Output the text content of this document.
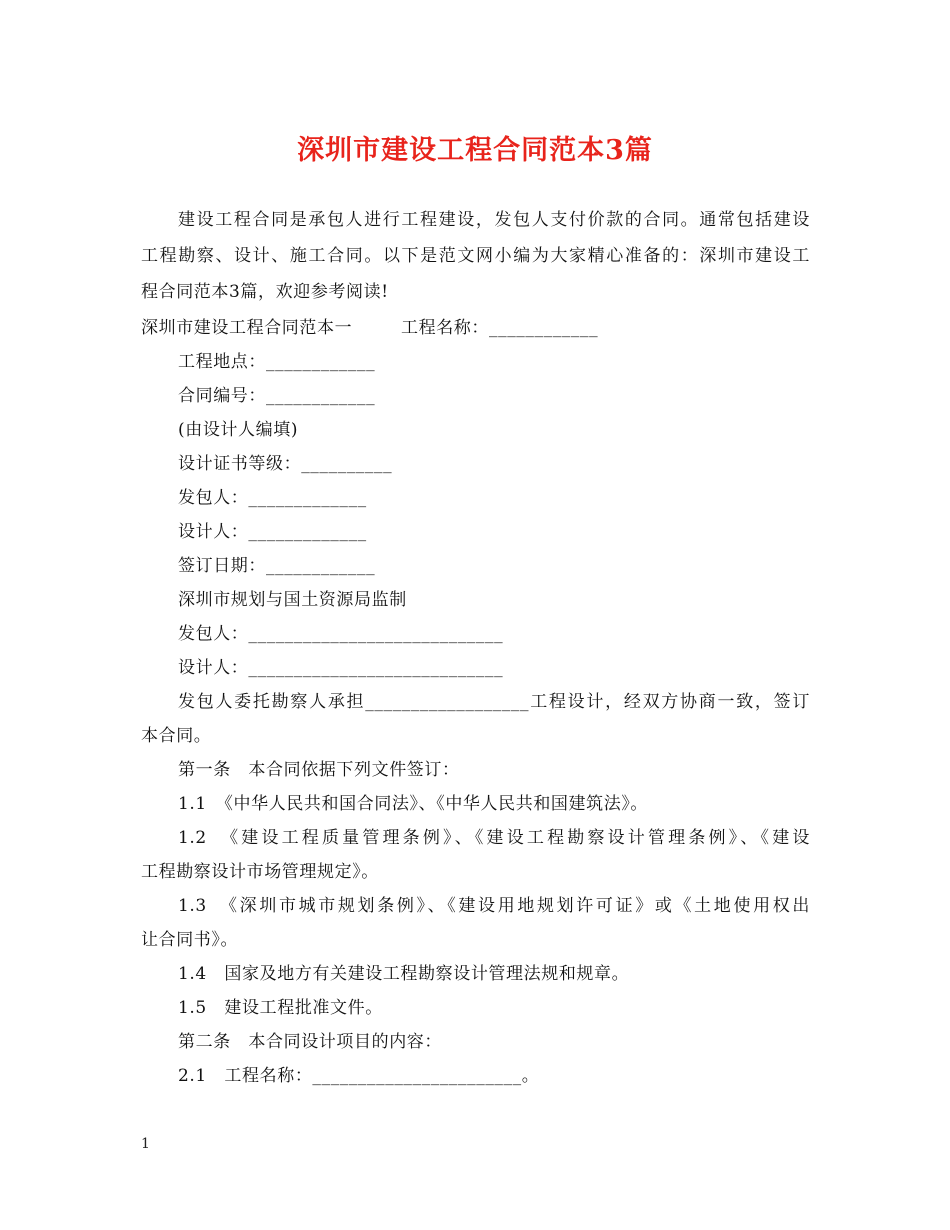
深圳市建设工程合同范本3篇
建设工程合同是承包人进行工程建设，发包人支付价款的合同。通常包括建设
工程勘察、设计、施工合同。以下是范文网小编为大家精心准备的：深圳市建设工
程合同范本3篇，欢迎参考阅读!
深圳市建设工程合同范本一	工程名称：____________
工程地点：____________
合同编号：____________
(由设计人编填)
设计证书等级：__________
发包人：_____________
设计人：_____________
签订日期：____________
深圳市规划与国土资源局监制
发包人：____________________________
设计人：____________________________
发包人委托勘察人承担__________________工程设计，经双方协商一致，签订
本合同。
第一条　本合同依据下列文件签订：
1.1　《中华人民共和国合同法》、《中华人民共和国建筑法》。
1.2　《建设工程质量管理条例》、《建设工程勘察设计管理条例》、《建设
工程勘察设计市场管理规定》。
1.3　《深圳市城市规划条例》、《建设用地规划许可证》或《土地使用权出
让合同书》。
1.4　国家及地方有关建设工程勘察设计管理法规和规章。
1.5　建设工程批准文件。
第二条　本合同设计项目的内容：
2.1　工程名称：_______________________。
1
